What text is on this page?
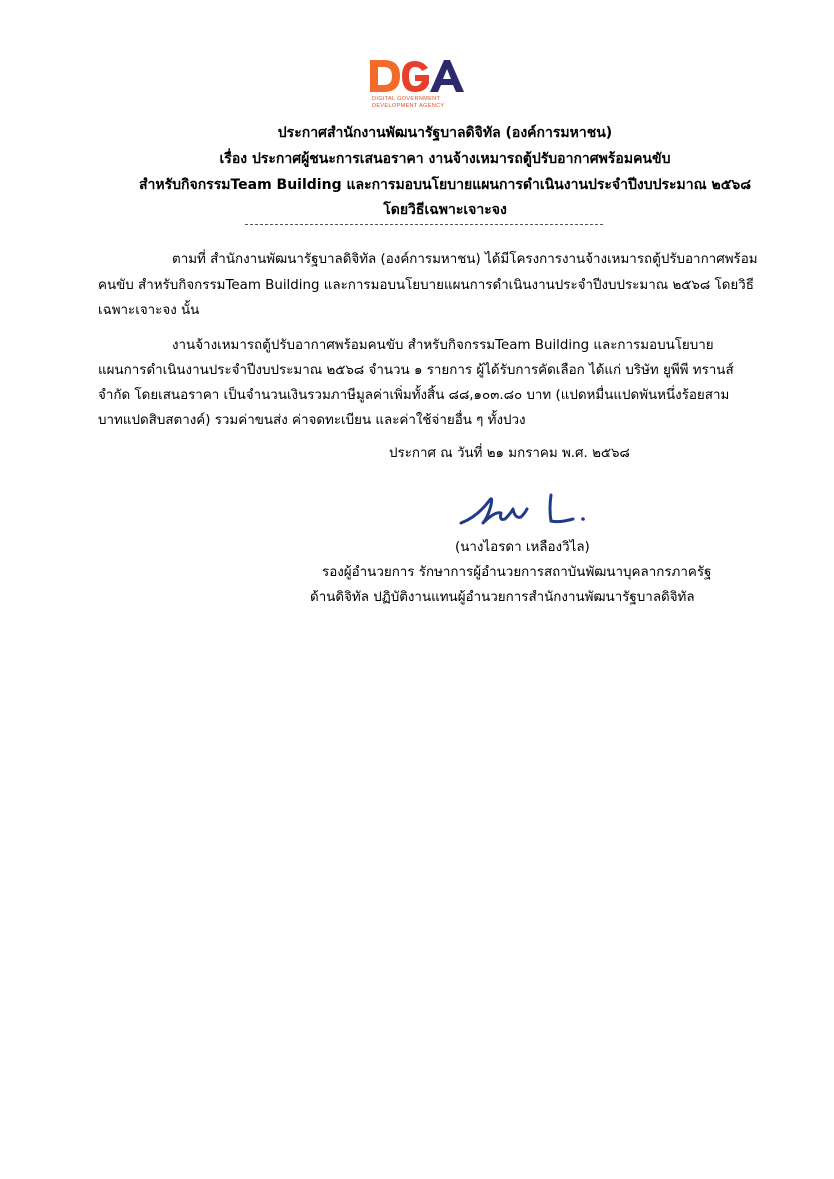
DIGITAL GOVERNMENT
DEVELOPMENT AGENCY
ประกาศสำนักงานพัฒนารัฐบาลดิจิทัล (องค์การมหาชน)
เรื่อง ประกาศผู้ชนะการเสนอราคา งานจ้างเหมารถตู้ปรับอากาศพร้อมคนขับ
สำหรับกิจกรรมTeam Building และการมอบนโยบายแผนการดำเนินงานประจำปีงบประมาณ ๒๕๖๘
โดยวิธีเฉพาะเจาะจง
ตามที่ สำนักงานพัฒนารัฐบาลดิจิทัล (องค์การมหาชน) ได้มีโครงการงานจ้างเหมารถตู้ปรับอากาศพร้อม
คนขับ สำหรับกิจกรรมTeam Building และการมอบนโยบายแผนการดำเนินงานประจำปีงบประมาณ ๒๕๖๘ โดยวิธี
เฉพาะเจาะจง นั้น
งานจ้างเหมารถตู้ปรับอากาศพร้อมคนขับ สำหรับกิจกรรมTeam Building และการมอบนโยบาย
แผนการดำเนินงานประจำปีงบประมาณ ๒๕๖๘ จำนวน ๑ รายการ ผู้ได้รับการคัดเลือก ได้แก่ บริษัท ยูพีพี ทรานส์
จำกัด โดยเสนอราคา เป็นจำนวนเงินรวมภาษีมูลค่าเพิ่มทั้งสิ้น ๘๘,๑๐๓.๘๐ บาท (แปดหมื่นแปดพันหนึ่งร้อยสาม
บาทแปดสิบสตางค์) รวมค่าขนส่ง ค่าจดทะเบียน และค่าใช้จ่ายอื่น ๆ ทั้งปวง
ประกาศ ณ วันที่ ๒๑ มกราคม พ.ศ. ๒๕๖๘
(นางไอรดา เหลืองวิไล)
รองผู้อำนวยการ รักษาการผู้อำนวยการสถาบันพัฒนาบุคลากรภาครัฐ
ด้านดิจิทัล ปฏิบัติงานแทนผู้อำนวยการสำนักงานพัฒนารัฐบาลดิจิทัล
